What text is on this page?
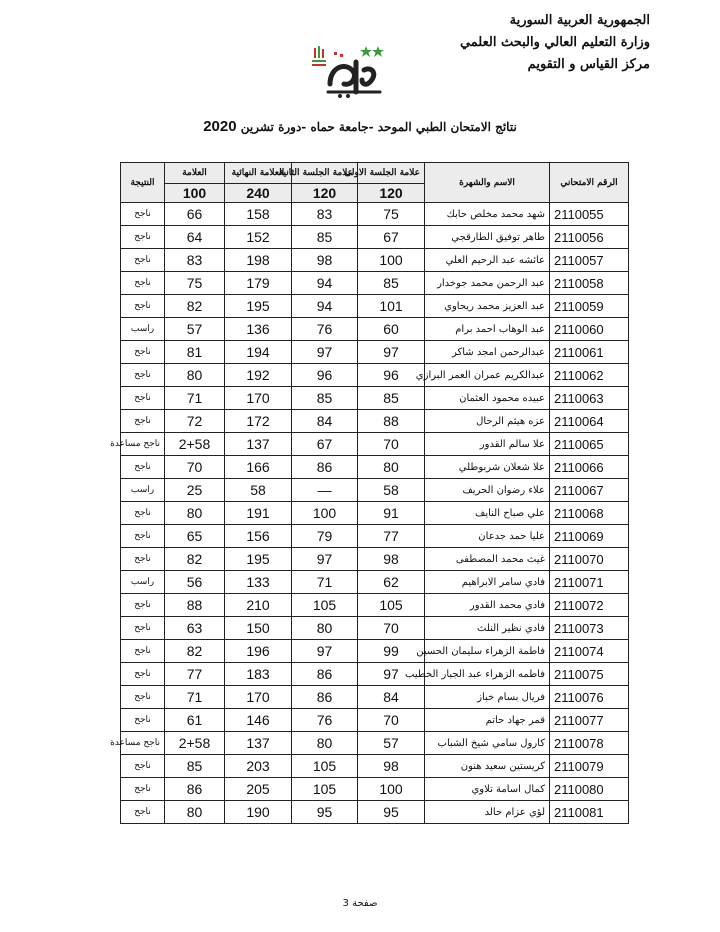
الجمهورية العربية السورية
وزارة التعليم العالي والبحث العلمي
مركز القياس و التقويم
نتائج الامتحان الطبي الموحد -جامعة حماه -دورة تشرين 2020
الرقم الامتحاني	الاسم والشهرة	علامة الجلسة الاولى	علامة الجلسة الثانية	العلامة النهائية	العلامة	النتيجة
		120	120	240	100	
2110055	شهد محمد مخلص حابك	75	83	158	66	ناجح
2110056	طاهر توفيق الطارقجي	67	85	152	64	ناجح
2110057	عائشه عبد الرحيم العلي	100	98	198	83	ناجح
2110058	عبد الرحمن محمد جوخدار	85	94	179	75	ناجح
2110059	عبد العزيز محمد ريحاوي	101	94	195	82	ناجح
2110060	عبد الوهاب احمد برام	60	76	136	57	راسب
2110061	عبدالرحمن امجد شاكر	97	97	194	81	ناجح
2110062	عبدالكريم عمران العمر البرازي	96	96	192	80	ناجح
2110063	عبيده محمود العثمان	85	85	170	71	ناجح
2110064	عزه هيثم الرحال	88	84	172	72	ناجح
2110065	علا سالم القدور	70	67	137	2+58	ناجح مساعدة
2110066	علا شعلان شربوطلي	80	86	166	70	ناجح
2110067	علاء رضوان الحريف	58	—	58	25	راسب
2110068	علي صباح النايف	91	100	191	80	ناجح
2110069	عليا حمد جدعان	77	79	156	65	ناجح
2110070	غيث محمد المصطفى	98	97	195	82	ناجح
2110071	فادي سامر الابراهيم	62	71	133	56	راسب
2110072	فادي محمد القدور	105	105	210	88	ناجح
2110073	فادي نظير النلث	70	80	150	63	ناجح
2110074	فاطمة الزهراء سليمان الحسين	99	97	196	82	ناجح
2110075	فاطمه الزهراء عبد الجبار الخطيب	97	86	183	77	ناجح
2110076	فريال بسام خباز	84	86	170	71	ناجح
2110077	قمر جهاد حاتم	70	76	146	61	ناجح
2110078	كارول سامي شيخ الشباب	57	80	137	2+58	ناجح مساعدة
2110079	كريستين سعيد هنون	98	105	203	85	ناجح
2110080	كمال اسامة تلاوي	100	105	205	86	ناجح
2110081	لؤي عزام حالد	95	95	190	80	ناجح
صفحة 3
